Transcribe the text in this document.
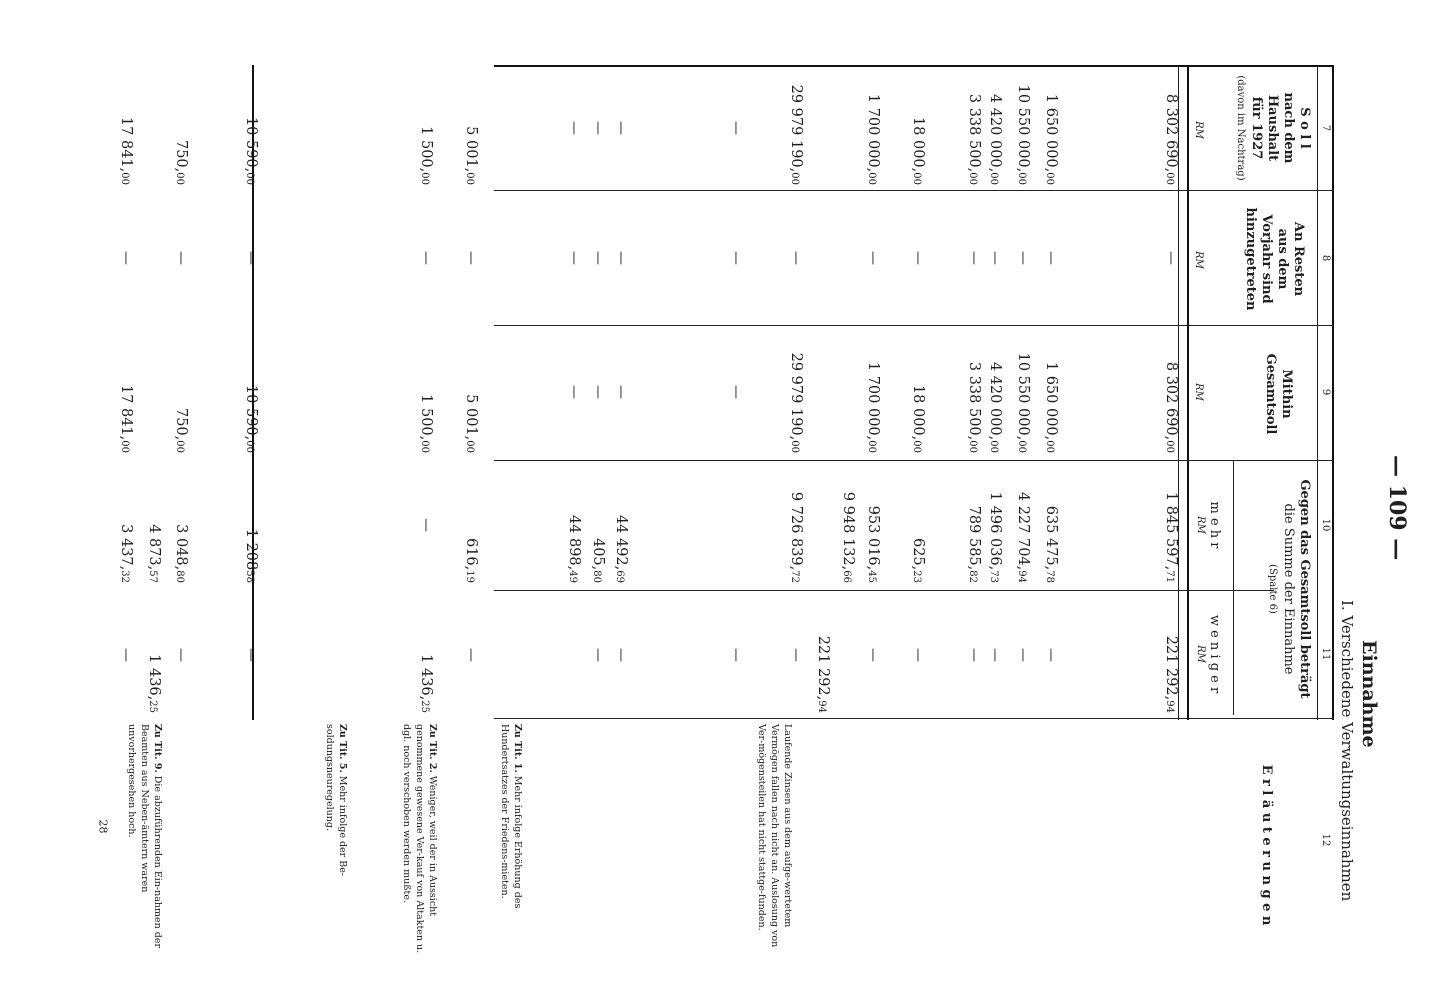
28
— 109 —
Einnahme
I. Verschiedene Verwaltungseinnahmen
7
8
9
10
11
12
S o l l
nach dem Haushalt
für 1927
(davon im Nachtrag)
An Resten
aus dem
Vorjahr sind
hinzugetreten
Mithin
Gesamtsoll
Gegen das Gesamtsoll beträgt
die Summe der Einnahme
(Spalte 6)
m e h r
w e n i g e r
E r l ä u t e r u n g e n
RM
RM
RM
RM
RM
8 302 690,00
—
8 302 690,00
1 845 597,71
221 292,94
1 650 000,00
—
1 650 000,00
635 475,78
—
10 550 000,00
—
10 550 000,00
4 227 704,94
—
4 420 000,00
—
4 420 000,00
1 496 036,73
—
3 338 500,00
—
3 338 500,00
789 585,82
—
18 000,00
—
18 000,00
625,23
—
1 700 000,00
—
1 700 000,00
953 016,45
—
9 948 132,66
221 292,94
29 979 190,00
—
29 979 190,00
9 726 839,72
—
—
—
—
—
—
—
—
44 492,69
—
—
—
—
405,80
—
—
—
—
44 898,49
5 001,00
—
5 001,00
616,19
—
1 500,00
—
1 500,00
—
1 436,25
10 590,00
—
10 590,00
1 20858
—
750,00
—
750,00
3 048,80
—
4 873,57
1 436,25
17 841,00
—
17 841,00
3 437,32
—
Laufende Zinsen aus dem aufge-wertetem Vermögen fallen nach nicht an. Auslosung von Ver-mögensteilen hat nicht stattge-funden.
Zu Tit. 1. Mehr infolge Erhöhung des Hundertsatzes der Friedens-mieten.
Zu Tit. 2. Weniger, weil der in Aussicht genommene gewesene Ver-kauf von Altakten u. dgl. noch verschoben werden mußte.
Zu Tit. 5. Mehr infolge der Be-soldungsneuregelung.
Zu Tit. 9. Die abzuführenden Ein-nahmen der Beamten aus Neben-ämtern waren unvorhergesehen hoch.
